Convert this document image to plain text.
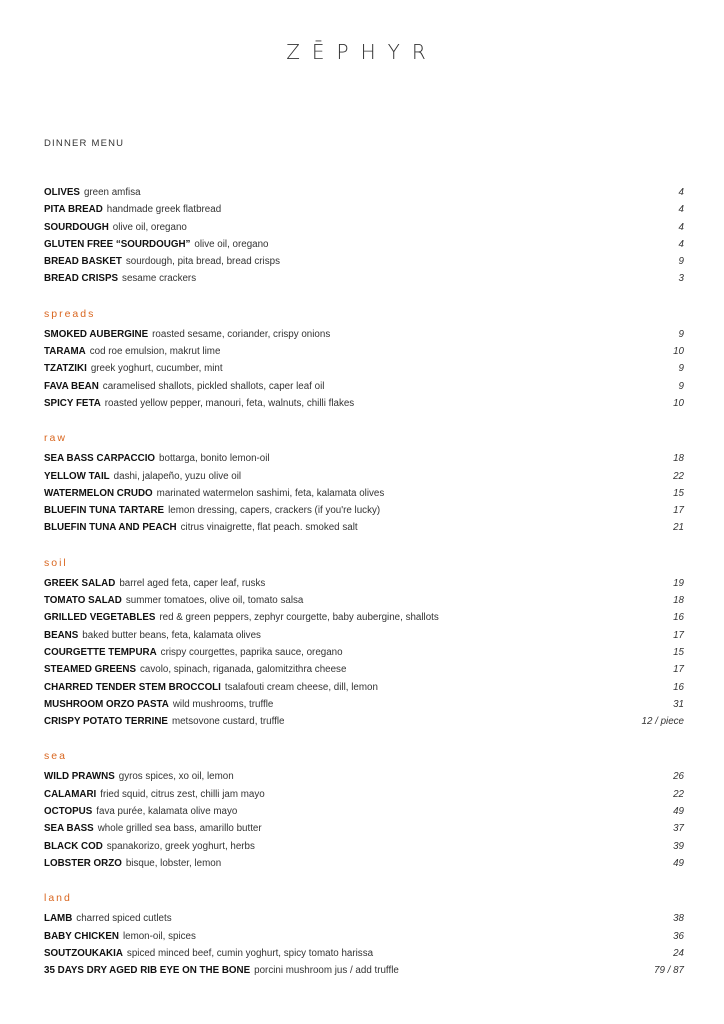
ZĒPHYR
DINNER MENU
OLIVES green amfisa	4
PITA BREAD handmade greek flatbread	4
SOURDOUGH olive oil, oregano	4
GLUTEN FREE “SOURDOUGH” olive oil, oregano	4
BREAD BASKET sourdough, pita bread, bread crisps	9
BREAD CRISPS sesame crackers	3
spreads
SMOKED AUBERGINE roasted sesame, coriander, crispy onions	9
TARAMA cod roe emulsion, makrut lime	10
TZATZIKI greek yoghurt, cucumber, mint	9
FAVA BEAN caramelised shallots, pickled shallots, caper leaf oil	9
SPICY FETA roasted yellow pepper, manouri, feta, walnuts, chilli flakes	10
raw
SEA BASS CARPACCIO bottarga, bonito lemon-oil	18
YELLOW TAIL dashi, jalapeño, yuzu olive oil	22
WATERMELON CRUDO marinated watermelon sashimi, feta, kalamata olives	15
BLUEFIN TUNA TARTARE lemon dressing, capers, crackers (if you're lucky)	17
BLUEFIN TUNA AND PEACH citrus vinaigrette, flat peach. smoked salt	21
soil
GREEK SALAD barrel aged feta, caper leaf, rusks	19
TOMATO SALAD summer tomatoes, olive oil, tomato salsa	18
GRILLED VEGETABLES red & green peppers, zephyr courgette, baby aubergine, shallots	16
BEANS baked butter beans, feta, kalamata olives	17
COURGETTE TEMPURA crispy courgettes, paprika sauce, oregano	15
STEAMED GREENS cavolo, spinach, riganada, galomitzithra cheese	17
CHARRED TENDER STEM BROCCOLI tsalafouti cream cheese, dill, lemon	16
MUSHROOM ORZO PASTA wild mushrooms, truffle	31
CRISPY POTATO TERRINE metsovone custard, truffle	12 / piece
sea
WILD PRAWNS gyros spices, xo oil, lemon	26
CALAMARI fried squid, citrus zest, chilli jam mayo	22
OCTOPUS fava purée, kalamata olive mayo	49
SEA BASS whole grilled sea bass, amarillo butter	37
BLACK COD spanakorizo, greek yoghurt, herbs	39
LOBSTER ORZO bisque, lobster, lemon	49
land
LAMB charred spiced cutlets	38
BABY CHICKEN lemon-oil, spices	36
SOUTZOUKAKIA spiced minced beef, cumin yoghurt, spicy tomato harissa	24
35 DAYS DRY AGED RIB EYE ON THE BONE porcini mushroom jus / add truffle	79 / 87
